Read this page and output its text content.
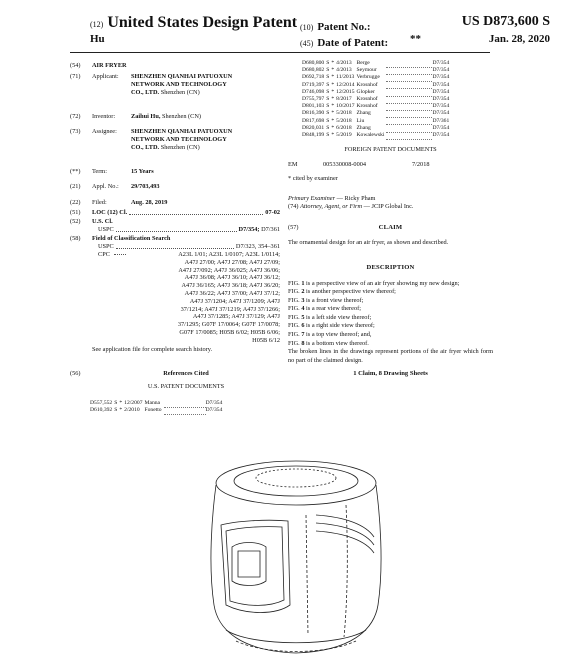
(12) United States Design Patent
Hu
(10) Patent No.:	US D873,600 S
(45) Date of Patent: **	Jan. 28, 2020
(54) AIR FRYER
(71) Applicant: SHENZHEN QIANHAI PATUOXUN
NETWORK AND TECHNOLOGY
CO., LTD. Shenzhen (CN)
(72) Inventor:	Zaihui Hu, Shenzhen (CN)
(73) Assignee: SHENZHEN QIANHAI PATUOXUN
NETWORK AND TECHNOLOGY
CO., LTD. Shenzhen (CN)
(**) Term:	15 Years
(21) Appl. No.: 29/703,493
(22) Filed:	Aug. 28, 2019
(51) LOC (12) Cl.	07-02
(52) U.S. Cl.
USPC	D7/354; D7/361
(58) Field of Classification Search
USPC	D7/323, 354–361
CPC	A23L 1/01; A23L 1/0107; A23L 1/0114;
A47J 27/00; A47J 27/08; A47J 27/09;
A47J 27/092; A47J 36/025; A47J 36/06;
A47J 36/08; A47J 36/10; A47J 36/12;
A47J 36/165; A47J 36/18; A47J 36/20;
A47J 36/22; A47J 37/00; A47J 37/12;
A47J 37/1204; A47J 37/1209; A47J
37/1214; A47J 37/1219; A47J 37/1266;
A47J 37/1285; A47J 37/129; A47J
37/1295; G07F 17/0064; G07F 17/0078;
G07F 17/0085; H05B 6/02; H05B 6/06;
H05B 6/12
See application file for complete search history.
(56)	References Cited
U.S. PATENT DOCUMENTS
D557,552	S	*	12/2007	Manna		D7/354
D610,392	S	*	2/2010	Fonetto		D7/354
D680,800	S	*	4/2013	Berge		D7/354
D680,802	S	*	4/2013	Seymour		D7/354
D692,718	S	*	11/2013	Verbrugge		D7/354
D719,397	S	*	12/2014	Krosnhof		D7/354
D746,098	S	*	12/2015	Glopker		D7/354
D755,797	S	*	8/2017	Krosnhof		D7/354
D801,103	S	*	10/2017	Krosnhof		D7/354
D816,390	S	*	5/2018	Zhang		D7/354
D817,698	S	*	5/2018	Liu		D7/361
D820,031	S	*	6/2018	Zhang		D7/354
D848,199	S	*	5/2019	Kowalewski		D7/354
FOREIGN PATENT DOCUMENTS
EM	005330008-0004	7/2018
* cited by examiner
Primary Examiner — Ricky Pham
(74) Attorney, Agent, or Firm — JCIP Global Inc.
(57)	CLAIM
The ornamental design for an air fryer, as shown and described.
DESCRIPTION
FIG. 1 is a perspective view of an air fryer showing my new design;
FIG. 2 is another perspective view thereof;
FIG. 3 is a front view thereof;
FIG. 4 is a rear view thereof;
FIG. 5 is a left side view thereof;
FIG. 6 is a right side view thereof;
FIG. 7 is a top view thereof; and,
FIG. 8 is a bottom view thereof.
The broken lines in the drawings represent portions of the air fryer which form no part of the claimed design.
1 Claim, 8 Drawing Sheets
